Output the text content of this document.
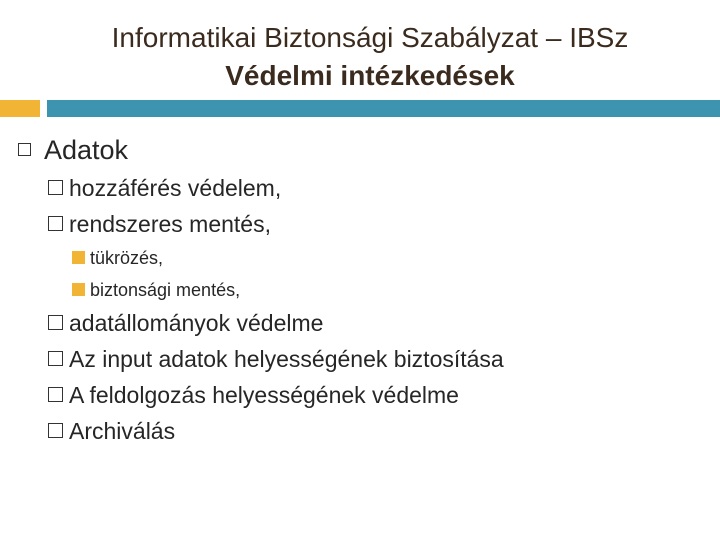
Informatikai Biztonsági Szabályzat – IBSz
Védelmi intézkedések
Adatok
hozzáférés védelem,
rendszeres mentés,
tükrözés,
biztonsági mentés,
adatállományok védelme
Az input adatok helyességének biztosítása
A feldolgozás helyességének védelme
Archiválás
